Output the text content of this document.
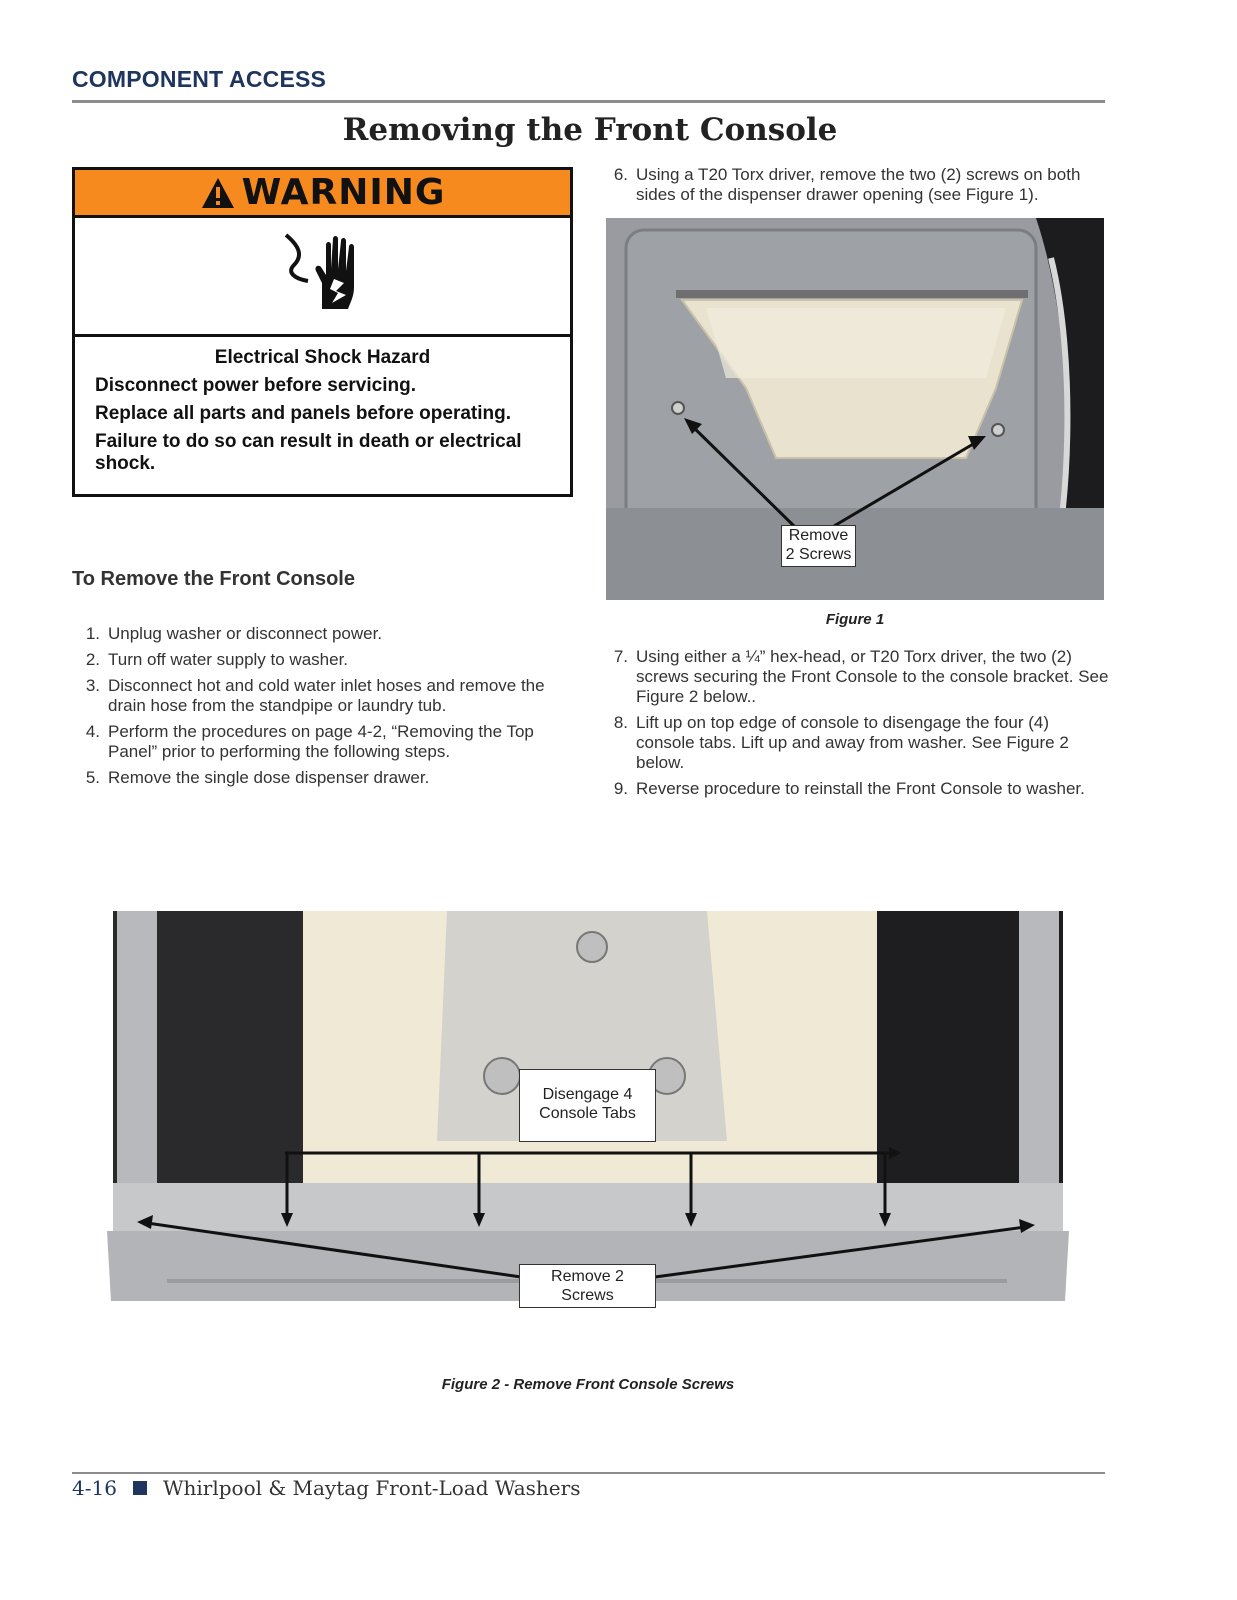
COMPONENT ACCESS
Removing the Front Console
WARNING

Electrical Shock Hazard

Disconnect power before servicing.

Replace all parts and panels before operating.

Failure to do so can result in death or electrical shock.

To Remove the Front Console
1. Unplug washer or disconnect power.
2. Turn off water supply to washer.
3. Disconnect hot and cold water inlet hoses and remove the drain hose from the standpipe or laundry tub.
4. Perform the procedures on page 4-2, “Removing the Top Panel” prior to performing the following steps.
5. Remove the single dose dispenser drawer.
6. Using a T20 Torx driver, remove the two (2) screws on both sides of the dispenser drawer opening (see Figure 1).
Remove
2 Screws
Figure 1
7. Using either a ¼” hex-head, or T20 Torx driver, the two (2) screws securing the Front Console to the console bracket. See Figure 2 below..
8. Lift up on top edge of console to disengage the four (4) console tabs. Lift up and away from washer. See Figure 2 below.
9. Reverse procedure to reinstall the Front Console to washer.
Disengage 4
Console Tabs
Remove 2
Screws
Figure 2 - Remove Front Console Screws
4-16 Whirlpool & Maytag Front-Load Washers
